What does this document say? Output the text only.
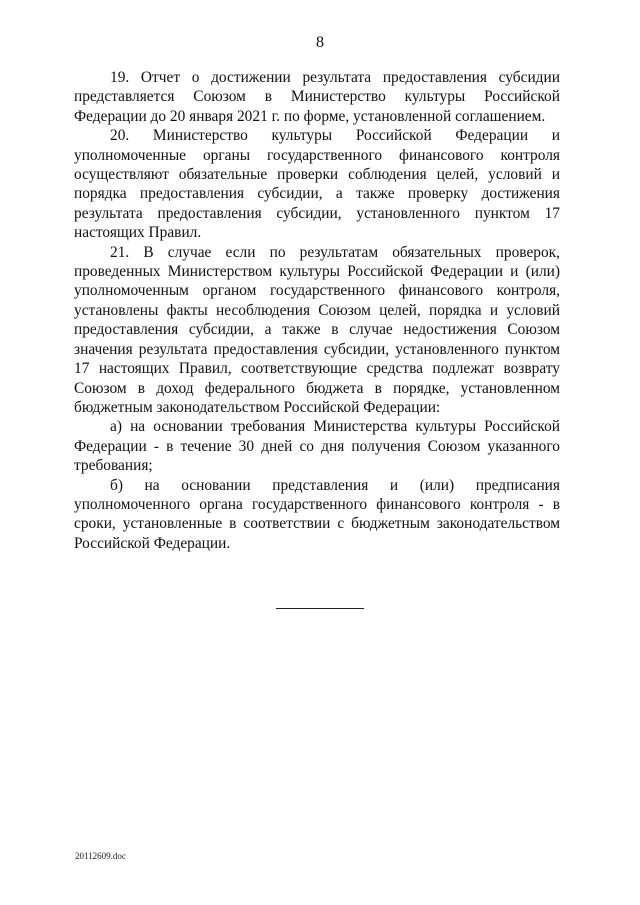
8

19. Отчет о достижении результата предоставления субсидии представляется Союзом в Министерство культуры Российской Федерации до 20 января 2021 г. по форме, установленной соглашением.

20. Министерство культуры Российской Федерации и уполномоченные органы государственного финансового контроля осуществляют обязательные проверки соблюдения целей, условий и порядка предоставления субсидии, а также проверку достижения результата предоставления субсидии, установленного пунктом 17 настоящих Правил.

21. В случае если по результатам обязательных проверок, проведенных Министерством культуры Российской Федерации и (или) уполномоченным органом государственного финансового контроля, установлены факты несоблюдения Союзом целей, порядка и условий предоставления субсидии, а также в случае недостижения Союзом значения результата предоставления субсидии, установленного пунктом 17 настоящих Правил, соответствующие средства подлежат возврату Союзом в доход федерального бюджета в порядке, установленном бюджетным законодательством Российской Федерации:

а) на основании требования Министерства культуры Российской Федерации - в течение 30 дней со дня получения Союзом указанного требования;

б) на основании представления и (или) предписания уполномоченного органа государственного финансового контроля - в сроки, установленные в соответствии с бюджетным законодательством Российской Федерации.

20112609.doc
